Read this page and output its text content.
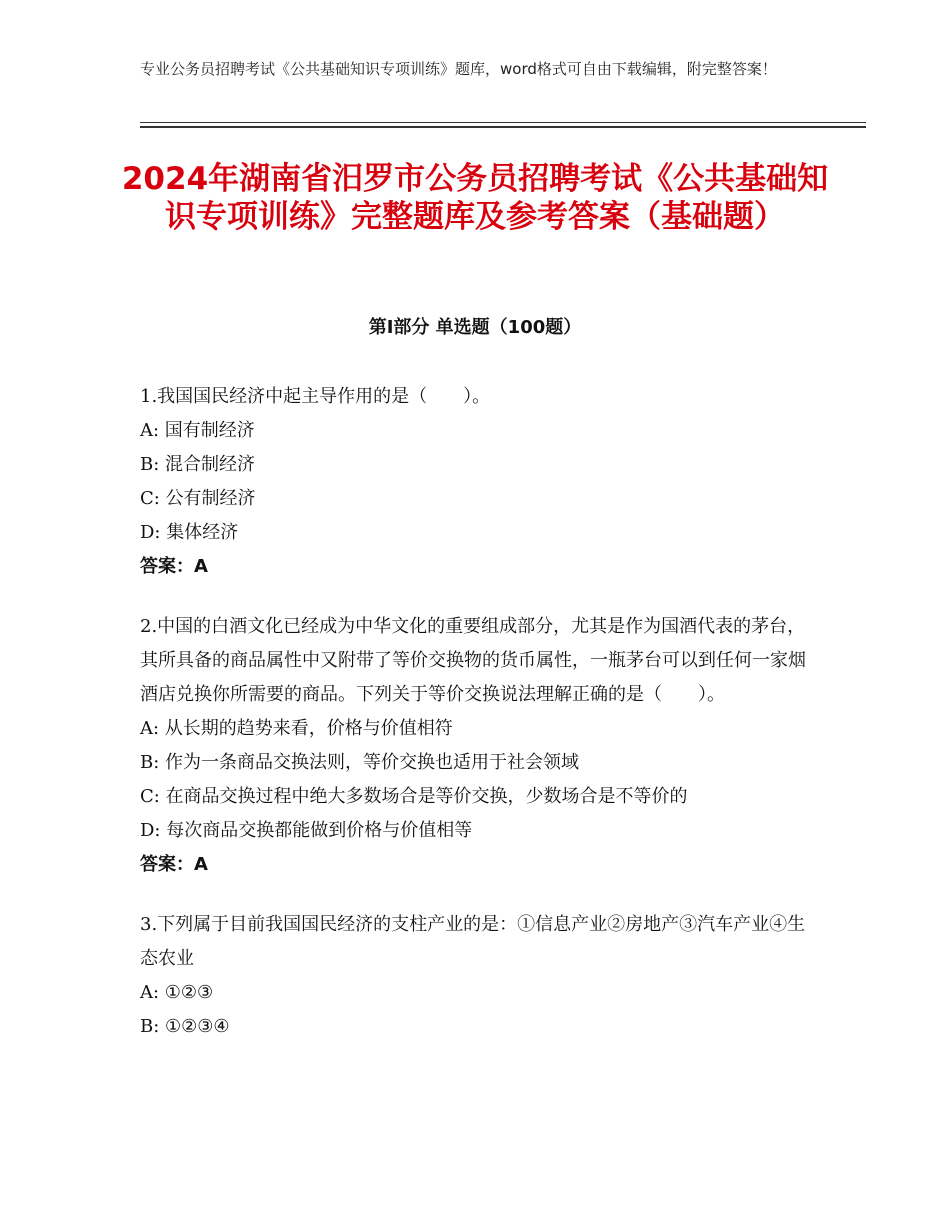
专业公务员招聘考试《公共基础知识专项训练》题库，word格式可自由下载编辑，附完整答案！
2024年湖南省汨罗市公务员招聘考试《公共基础知识专项训练》完整题库及参考答案（基础题）
第I部分 单选题（100题）

1.我国国民经济中起主导作用的是（　　）。

A: 国有制经济

B: 混合制经济

C: 公有制经济

D: 集体经济

答案：A

2.中国的白酒文化已经成为中华文化的重要组成部分，尤其是作为国酒代表的茅台，其所具备的商品属性中又附带了等价交换物的货币属性，一瓶茅台可以到任何一家烟酒店兑换你所需要的商品。下列关于等价交换说法理解正确的是（　　）。

A: 从长期的趋势来看，价格与价值相符

B: 作为一条商品交换法则，等价交换也适用于社会领域

C: 在商品交换过程中绝大多数场合是等价交换，少数场合是不等价的

D: 每次商品交换都能做到价格与价值相等

答案：A

3.下列属于目前我国国民经济的支柱产业的是：①信息产业②房地产③汽车产业④生态农业

A: ①②③

B: ①②③④
